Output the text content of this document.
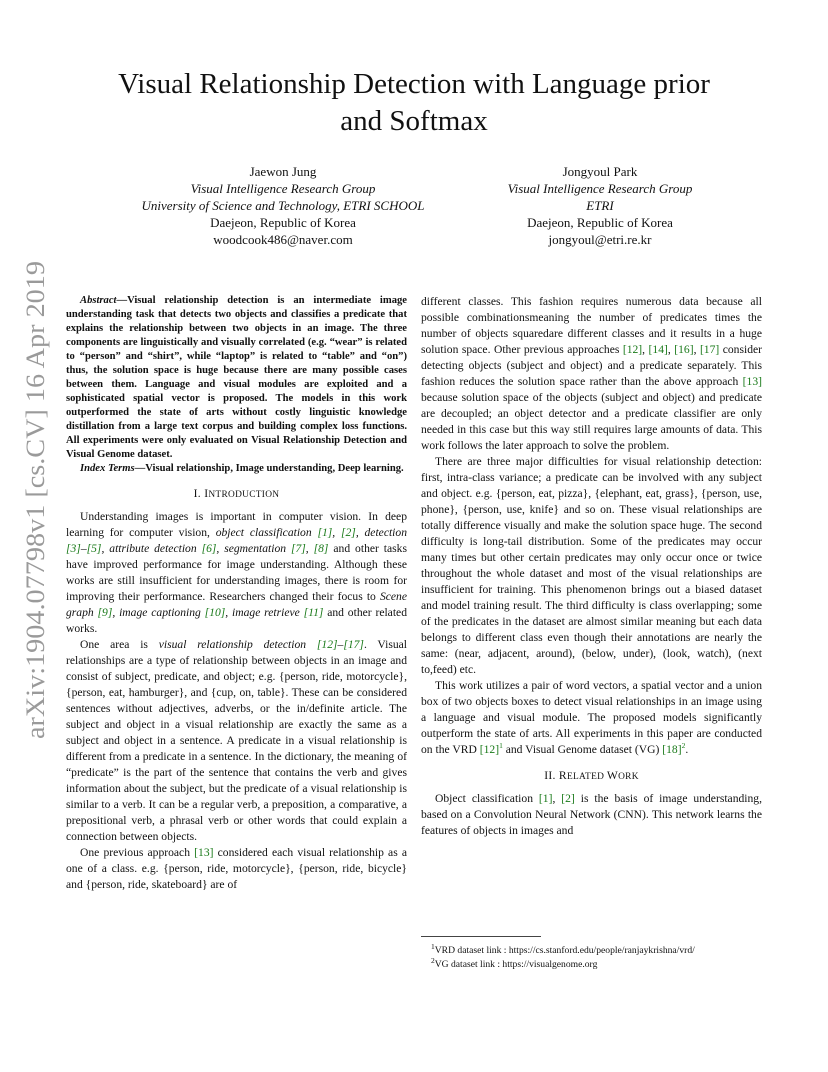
arXiv:1904.07798v1 [cs.CV] 16 Apr 2019
Visual Relationship Detection with Language prior
and Softmax
Jaewon Jung
Visual Intelligence Research Group
University of Science and Technology, ETRI SCHOOL
Daejeon, Republic of Korea
woodcook486@naver.com
Jongyoul Park
Visual Intelligence Research Group
ETRI
Daejeon, Republic of Korea
jongyoul@etri.re.kr

Abstract—Visual relationship detection is an intermediate image understanding task that detects two objects and classifies a predicate that explains the relationship between two objects in an image. The three components are linguistically and visually correlated (e.g. “wear” is related to “person” and “shirt”, while “laptop” is related to “table” and “on”) thus, the solution space is huge because there are many possible cases between them. Language and visual modules are exploited and a sophisticated spatial vector is proposed. The models in this work outperformed the state of arts without costly linguistic knowledge distillation from a large text corpus and building complex loss functions. All experiments were only evaluated on Visual Relationship Detection and Visual Genome dataset.

Index Terms—Visual relationship, Image understanding, Deep learning.

I. INTRODUCTION

Understanding images is important in computer vision. In deep learning for computer vision, object classification [1], [2], detection [3]–[5], attribute detection [6], segmentation [7], [8] and other tasks have improved performance for image understanding. Although these works are still insufficient for understanding images, there is room for improving their performance. Researchers changed their focus to Scene graph [9], image captioning [10], image retrieve [11] and other related works.

One area is visual relationship detection [12]–[17]. Visual relationships are a type of relationship between objects in an image and consist of subject, predicate, and object; e.g. {person, ride, motorcycle}, {person, eat, hamburger}, and {cup, on, table}. These can be considered sentences without adjectives, adverbs, or the in/definite article. The subject and object in a visual relationship are exactly the same as a subject and object in a sentence. A predicate in a visual relationship is different from a predicate in a sentence. In the dictionary, the meaning of “predicate” is the part of the sentence that contains the verb and gives information about the subject, but the predicate of a visual relationship is similar to a verb. It can be a regular verb, a preposition, a comparative, a prepositional verb, a phrasal verb or other words that could explain a connection between objects.

One previous approach [13] considered each visual relationship as a one of a class. e.g. {person, ride, motorcycle}, {person, ride, bicycle} and {person, ride, skateboard} are of

different classes. This fashion requires numerous data because all possible combinationsmeaning the number of predicates times the number of objects squaredare different classes and it results in a huge solution space. Other previous approaches [12], [14], [16], [17] consider detecting objects (subject and object) and a predicate separately. This fashion reduces the solution space rather than the above approach [13] because solution space of the objects (subject and object) and predicate are decoupled; an object detector and a predicate classifier are only needed in this case but this way still requires large amounts of data. This work follows the later approach to solve the problem.

There are three major difficulties for visual relationship detection: first, intra-class variance; a predicate can be involved with any subject and object. e.g. {person, eat, pizza}, {elephant, eat, grass}, {person, use, phone}, {person, use, knife} and so on. These visual relationships are totally difference visually and make the solution space huge. The second difficulty is long-tail distribution. Some of the predicates may occur many times but other certain predicates may only occur once or twice throughout the whole dataset and most of the visual relationships are insufficient for training. This phenomenon brings out a biased dataset and model training result. The third difficulty is class overlapping; some of the predicates in the dataset are almost similar meaning but each data belongs to different class even though their annotations are nearly the same: (near, adjacent, around), (below, under), (look, watch), (next to,feed) etc.

This work utilizes a pair of word vectors, a spatial vector and a union box of two objects boxes to detect visual relationships in an image using a language and visual module. The proposed models significantly outperform the state of arts. All experiments in this paper are conducted on the VRD [12]$^1$ and Visual Genome dataset (VG) [18]$^2$.

II. RELATED WORK

Object classification [1], [2] is the basis of image understanding, based on a Convolution Neural Network (CNN). This network learns the features of objects in images and

$^1$VRD dataset link : https://cs.stanford.edu/people/ranjaykrishna/vrd/
$^2$VG dataset link : https://visualgenome.org
